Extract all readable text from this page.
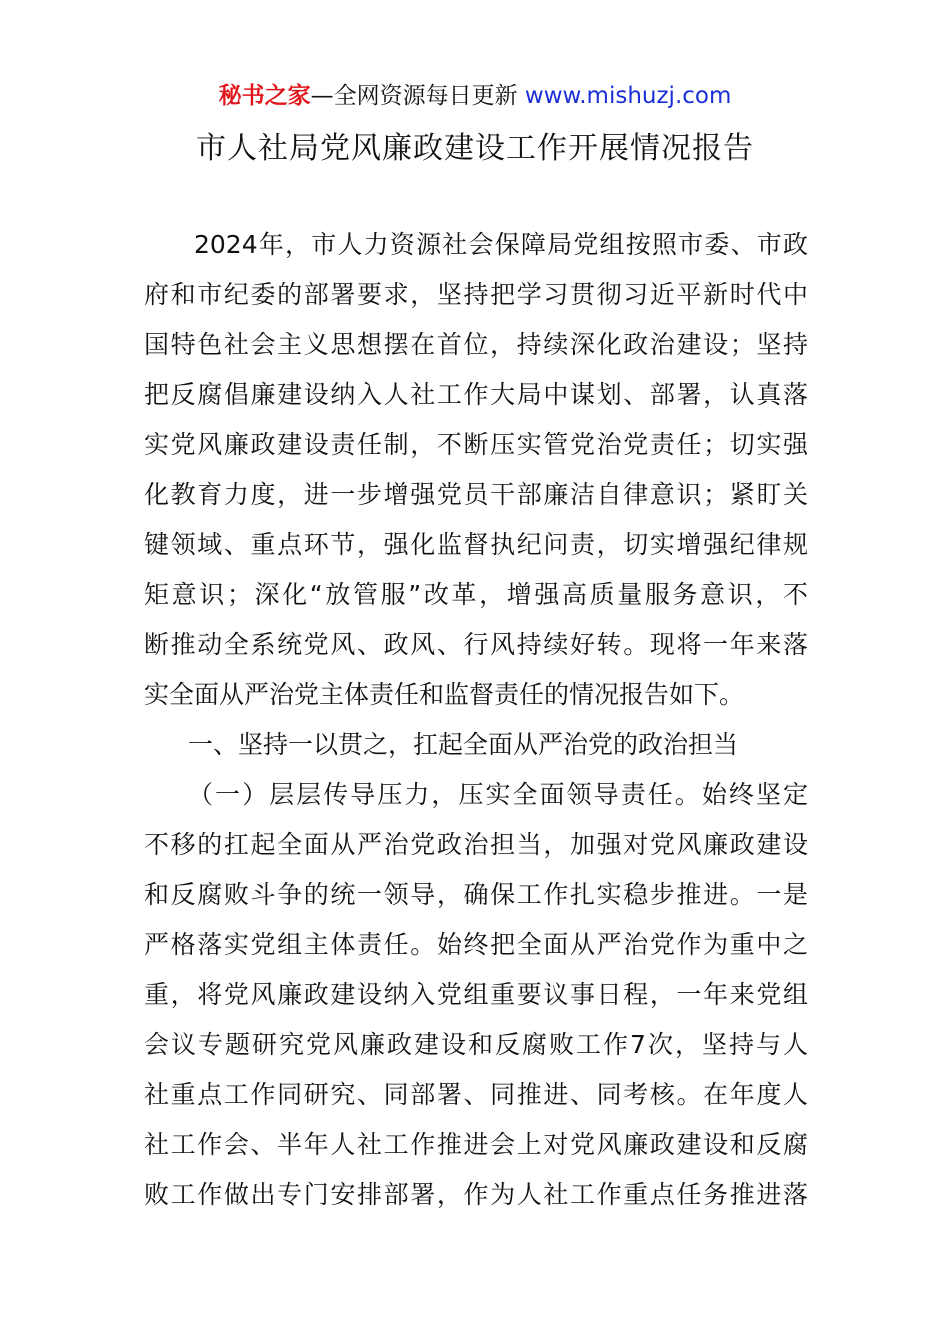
秘书之家—全网资源每日更新 www.mishuzj.com
市人社局党风廉政建设工作开展情况报告
2024年，市人力资源社会保障局党组按照市委、市政
府和市纪委的部署要求，坚持把学习贯彻习近平新时代中
国特色社会主义思想摆在首位，持续深化政治建设；坚持
把反腐倡廉建设纳入人社工作大局中谋划、部署，认真落
实党风廉政建设责任制，不断压实管党治党责任；切实强
化教育力度，进一步增强党员干部廉洁自律意识；紧盯关
键领域、重点环节，强化监督执纪问责，切实增强纪律规
矩意识；深化“放管服”改革，增强高质量服务意识，不
断推动全系统党风、政风、行风持续好转。现将一年来落
实全面从严治党主体责任和监督责任的情况报告如下。
一、坚持一以贯之，扛起全面从严治党的政治担当
（一）层层传导压力，压实全面领导责任。始终坚定
不移的扛起全面从严治党政治担当，加强对党风廉政建设
和反腐败斗争的统一领导，确保工作扎实稳步推进。一是
严格落实党组主体责任。始终把全面从严治党作为重中之
重，将党风廉政建设纳入党组重要议事日程，一年来党组
会议专题研究党风廉政建设和反腐败工作7次，坚持与人
社重点工作同研究、同部署、同推进、同考核。在年度人
社工作会、半年人社工作推进会上对党风廉政建设和反腐
败工作做出专门安排部署，作为人社工作重点任务推进落
